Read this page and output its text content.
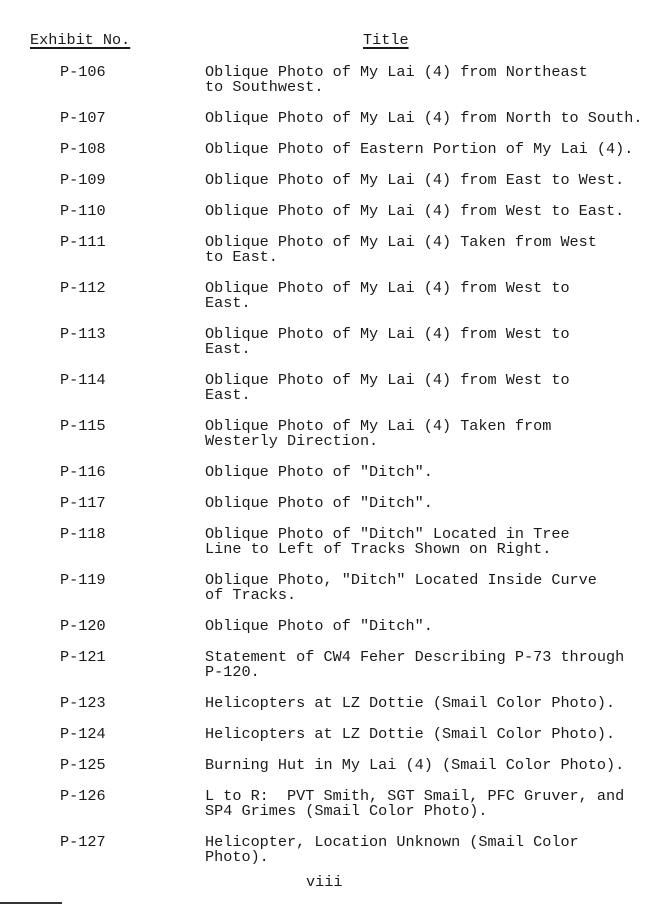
Exhibit No.	Title
P-106	Oblique Photo of My Lai (4) from Northeast
to Southwest.
P-107	Oblique Photo of My Lai (4) from North to South.
P-108	Oblique Photo of Eastern Portion of My Lai (4).
P-109	Oblique Photo of My Lai (4) from East to West.
P-110	Oblique Photo of My Lai (4) from West to East.
P-111	Oblique Photo of My Lai (4) Taken from West
to East.
P-112	Oblique Photo of My Lai (4) from West to
East.
P-113	Oblique Photo of My Lai (4) from West to
East.
P-114	Oblique Photo of My Lai (4) from West to
East.
P-115	Oblique Photo of My Lai (4) Taken from
Westerly Direction.
P-116	Oblique Photo of "Ditch".
P-117	Oblique Photo of "Ditch".
P-118	Oblique Photo of "Ditch" Located in Tree
Line to Left of Tracks Shown on Right.
P-119	Oblique Photo, "Ditch" Located Inside Curve
of Tracks.
P-120	Oblique Photo of "Ditch".
P-121	Statement of CW4 Feher Describing P-73 through
P-120.
P-123	Helicopters at LZ Dottie (Smail Color Photo).
P-124	Helicopters at LZ Dottie (Smail Color Photo).
P-125	Burning Hut in My Lai (4) (Smail Color Photo).
P-126	L to R:  PVT Smith, SGT Smail, PFC Gruver, and
SP4 Grimes (Smail Color Photo).
P-127	Helicopter, Location Unknown (Smail Color
Photo).
viii
